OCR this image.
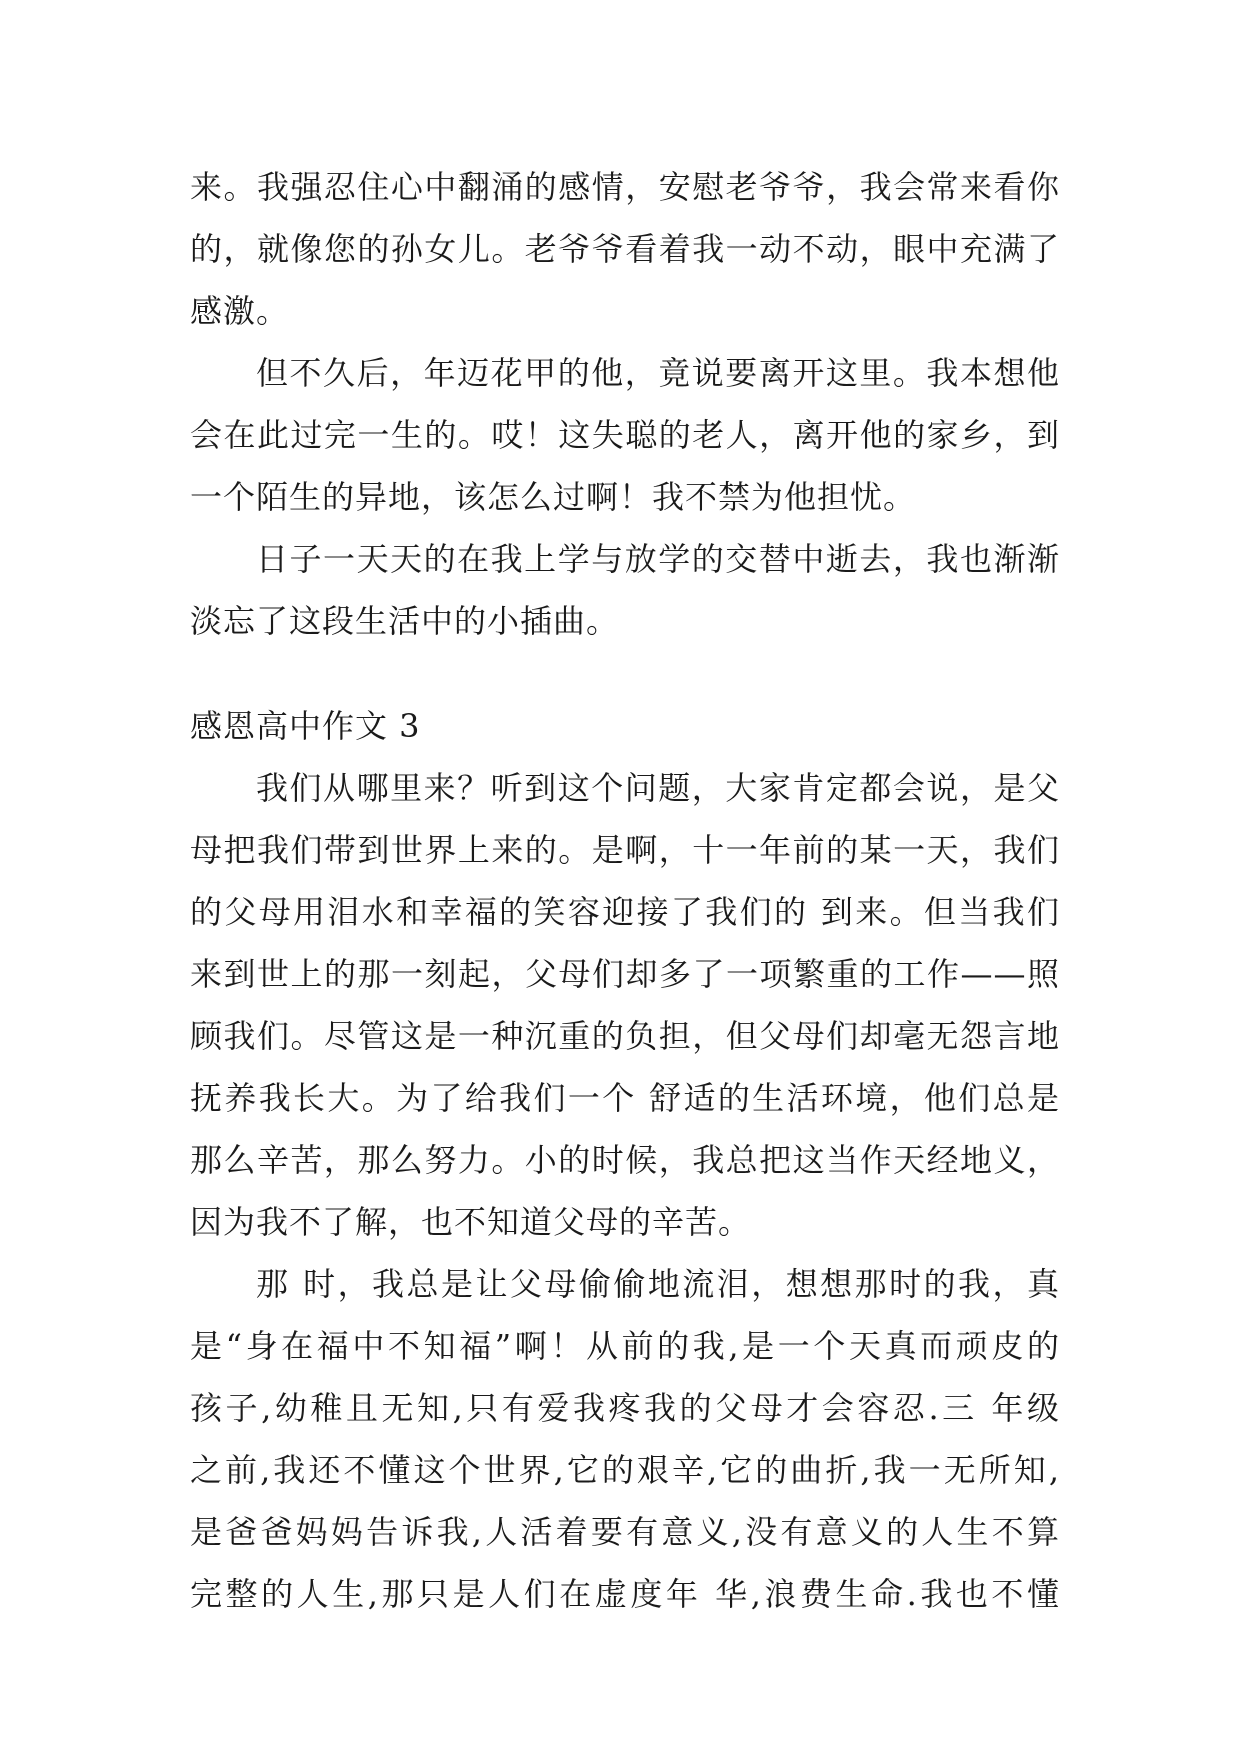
来。我强忍住心中翻涌的感情，安慰老爷爷，我会常来看你
的，就像您的孙女儿。老爷爷看着我一动不动，眼中充满了
感激。
但不久后，年迈花甲的他，竟说要离开这里。我本想他
会在此过完一生的。哎！这失聪的老人，离开他的家乡，到
一个陌生的异地，该怎么过啊！我不禁为他担忧。
日子一天天的在我上学与放学的交替中逝去，我也渐渐
淡忘了这段生活中的小插曲。
感恩高中作文 3
我们从哪里来？听到这个问题，大家肯定都会说，是父
母把我们带到世界上来的。是啊，十一年前的某一天，我们
的父母用泪水和幸福的笑容迎接了我们的 到来。但当我们
来到世上的那一刻起，父母们却多了一项繁重的工作——照
顾我们。尽管这是一种沉重的负担，但父母们却毫无怨言地
抚养我长大。为了给我们一个 舒适的生活环境，他们总是
那么辛苦，那么努力。小的时候，我总把这当作天经地义，
因为我不了解，也不知道父母的辛苦。
那 时，我总是让父母偷偷地流泪，想想那时的我，真
是“身在福中不知福”啊！从前的我,是一个天真而顽皮的
孩子,幼稚且无知,只有爱我疼我的父母才会容忍.三 年级
之前,我还不懂这个世界,它的艰辛,它的曲折,我一无所知,
是爸爸妈妈告诉我,人活着要有意义,没有意义的人生不算
完整的人生,那只是人们在虚度年 华,浪费生命.我也不懂
